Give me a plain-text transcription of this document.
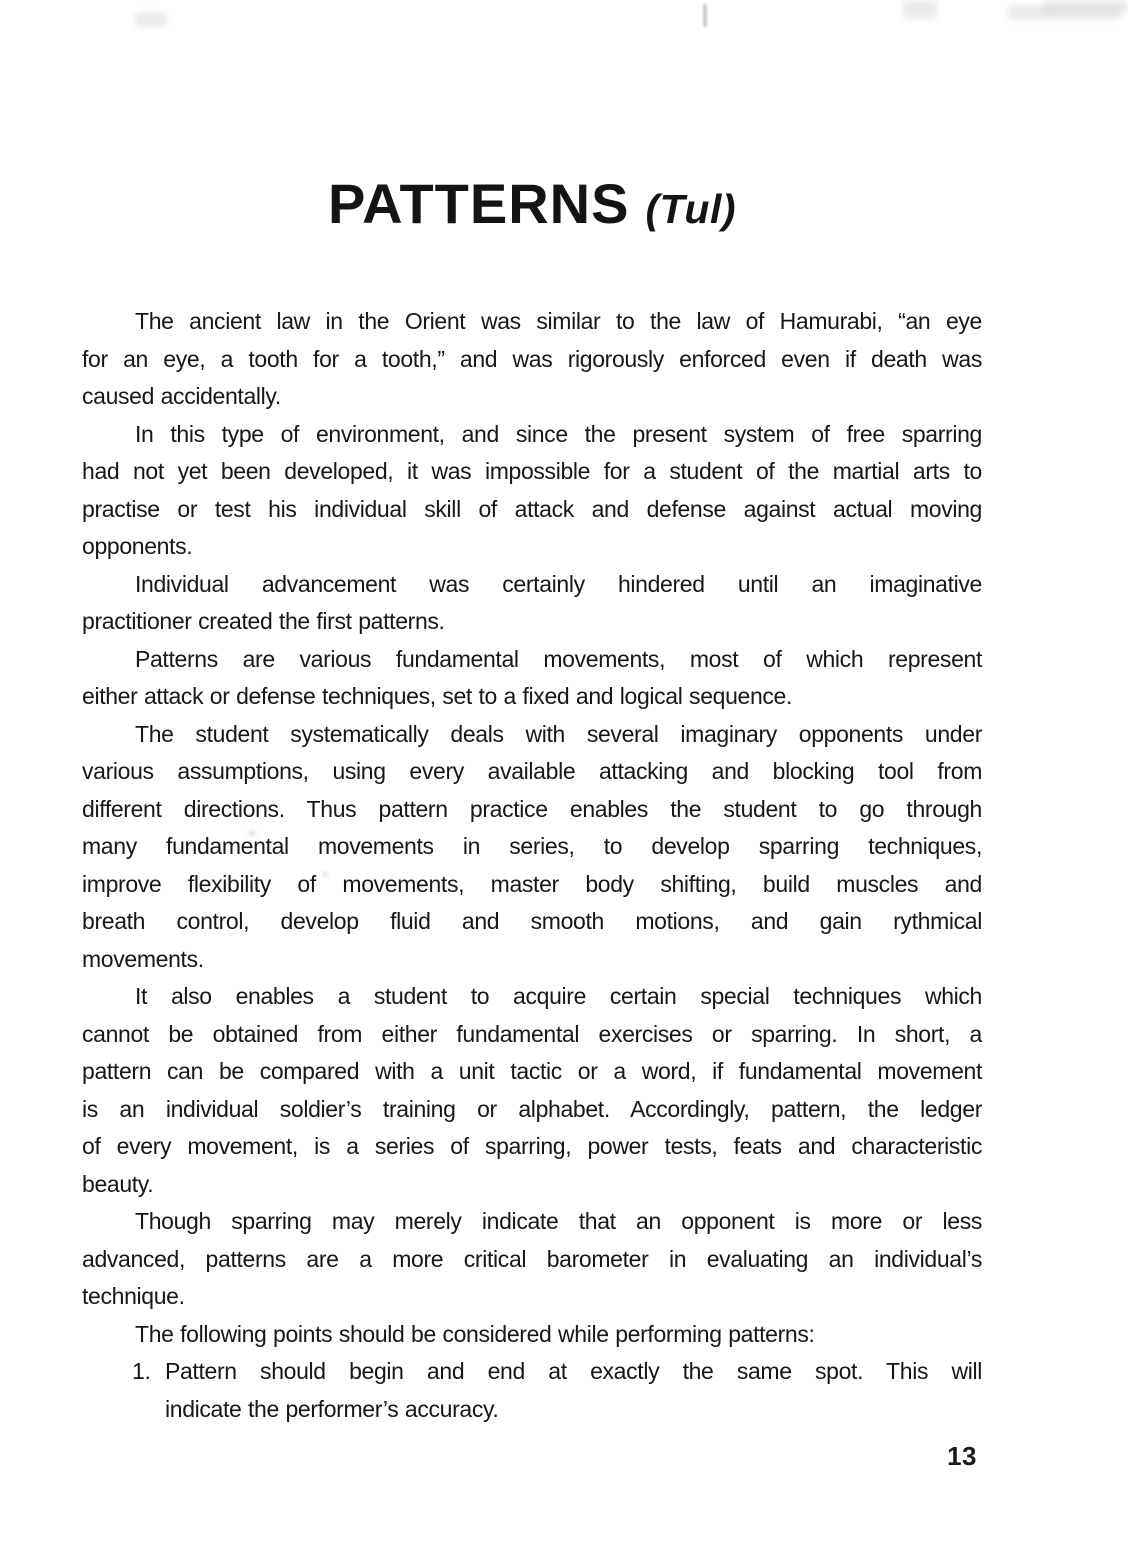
PATTERNS (Tul)
The ancient law in the Orient was similar to the law of Hamurabi, “an eye
for an eye, a tooth for a tooth,” and was rigorously enforced even if death was
caused accidentally.
In this type of environment, and since the present system of free sparring
had not yet been developed, it was impossible for a student of the martial arts to
practise or test his individual skill of attack and defense against actual moving
opponents.
Individual advancement was certainly hindered until an imaginative
practitioner created the first patterns.
Patterns are various fundamental movements, most of which represent
either attack or defense techniques, set to a fixed and logical sequence.
The student systematically deals with several imaginary opponents under
various assumptions, using every available attacking and blocking tool from
different directions. Thus pattern practice enables the student to go through
many fundamental movements in series, to develop sparring techniques,
improve flexibility of movements, master body shifting, build muscles and
breath control, develop fluid and smooth motions, and gain rythmical
movements.
It also enables a student to acquire certain special techniques which
cannot be obtained from either fundamental exercises or sparring. In short, a
pattern can be compared with a unit tactic or a word, if fundamental movement
is an individual soldier’s training or alphabet. Accordingly, pattern, the ledger
of every movement, is a series of sparring, power tests, feats and characteristic
beauty.
Though sparring may merely indicate that an opponent is more or less
advanced, patterns are a more critical barometer in evaluating an individual’s
technique.
The following points should be considered while performing patterns:
1. Pattern should begin and end at exactly the same spot. This will
indicate the performer’s accuracy.
13
